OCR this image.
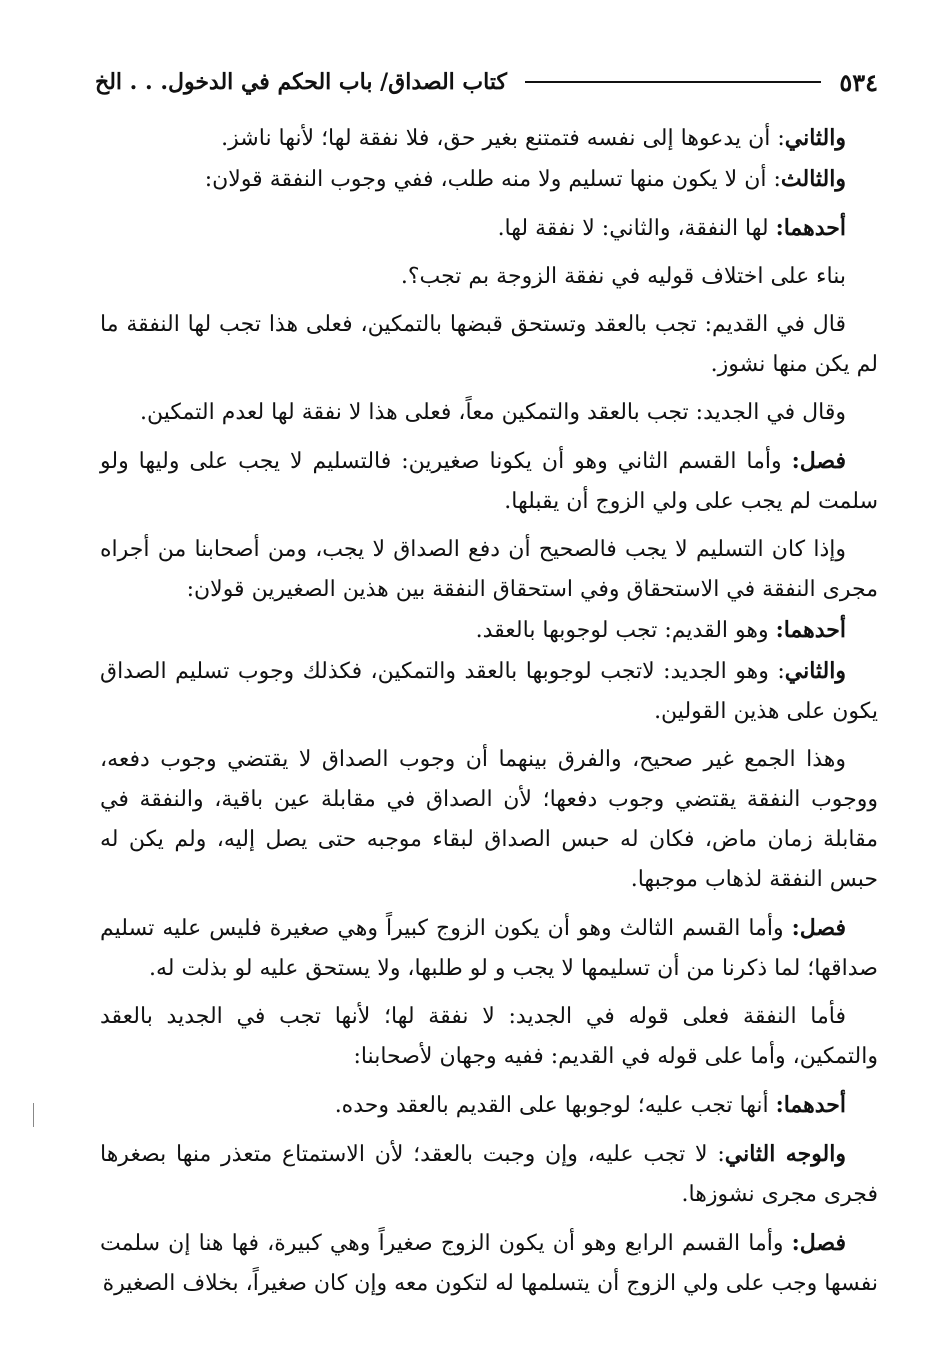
٥٣٤
كتاب الصداق/ باب الحكم في الدخول. . . الخ

والثاني: أن يدعوها إلى نفسه فتمتنع بغير حق، فلا نفقة لها؛ لأنها ناشز.

والثالث: أن لا يكون منها تسليم ولا منه طلب، ففي وجوب النفقة قولان:

أحدهما: لها النفقة، والثاني: لا نفقة لها.

بناء على اختلاف قوليه في نفقة الزوجة بم تجب؟.

قال في القديم: تجب بالعقد وتستحق قبضها بالتمكين، فعلى هذا تجب لها النفقة ما لم يكن منها نشوز.

وقال في الجديد: تجب بالعقد والتمكين معاً، فعلى هذا لا نفقة لها لعدم التمكين.

فصل: وأما القسم الثاني وهو أن يكونا صغيرين: فالتسليم لا يجب على وليها ولو سلمت لم يجب على ولي الزوج أن يقبلها.

وإذا كان التسليم لا يجب فالصحيح أن دفع الصداق لا يجب، ومن أصحابنا من أجراه مجرى النفقة في الاستحقاق وفي استحقاق النفقة بين هذين الصغيرين قولان:

أحدهما: وهو القديم: تجب لوجوبها بالعقد.

والثاني: وهو الجديد: لاتجب لوجوبها بالعقد والتمكين، فكذلك وجوب تسليم الصداق يكون على هذين القولين.

وهذا الجمع غير صحيح، والفرق بينهما أن وجوب الصداق لا يقتضي وجوب دفعه، ووجوب النفقة يقتضي وجوب دفعها؛ لأن الصداق في مقابلة عين باقية، والنفقة في مقابلة زمان ماض، فكان له حبس الصداق لبقاء موجبه حتى يصل إليه، ولم يكن له حبس النفقة لذهاب موجبها.

فصل: وأما القسم الثالث وهو أن يكون الزوج كبيراً وهي صغيرة فليس عليه تسليم صداقها؛ لما ذكرنا من أن تسليمها لا يجب و لو طلبها، ولا يستحق عليه لو بذلت له.

فأما النفقة فعلى قوله في الجديد: لا نفقة لها؛ لأنها تجب في الجديد بالعقد والتمكين، وأما على قوله في القديم: ففيه وجهان لأصحابنا:

أحدهما: أنها تجب عليه؛ لوجوبها على القديم بالعقد وحده.

والوجه الثاني: لا تجب عليه، وإن وجبت بالعقد؛ لأن الاستمتاع متعذر منها بصغرها فجرى مجرى نشوزها.

فصل: وأما القسم الرابع وهو أن يكون الزوج صغيراً وهي كبيرة، فها هنا إن سلمت نفسها وجب على ولي الزوج أن يتسلمها له لتكون معه وإن كان صغيراً، بخلاف الصغيرة
